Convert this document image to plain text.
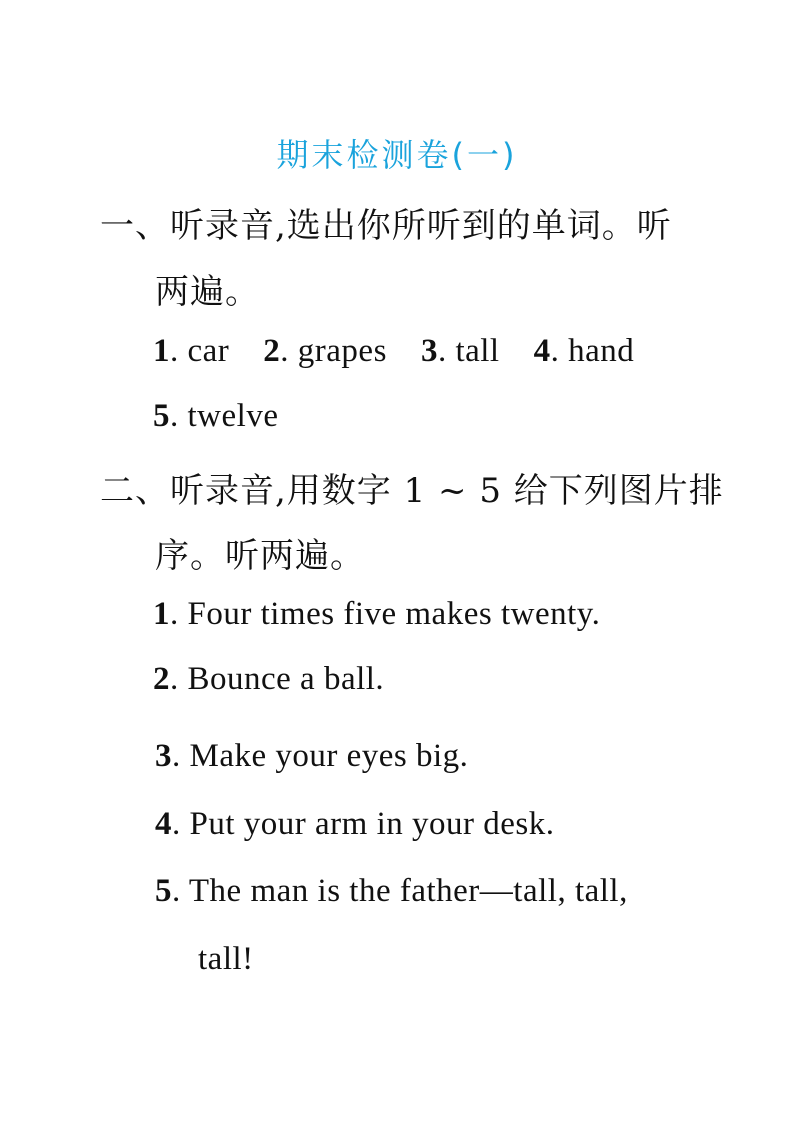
期末检测卷(一)
一、听录音,选出你所听到的单词。听
两遍。
1. car 2. grapes 3. tall 4. hand
5. twelve
二、听录音,用数字 1 ~ 5 给下列图片排
序。听两遍。
1. Four times five makes twenty.
2. Bounce a ball.
3. Make your eyes big.
4. Put your arm in your desk.
5. The man is the father—tall, tall,
tall!
